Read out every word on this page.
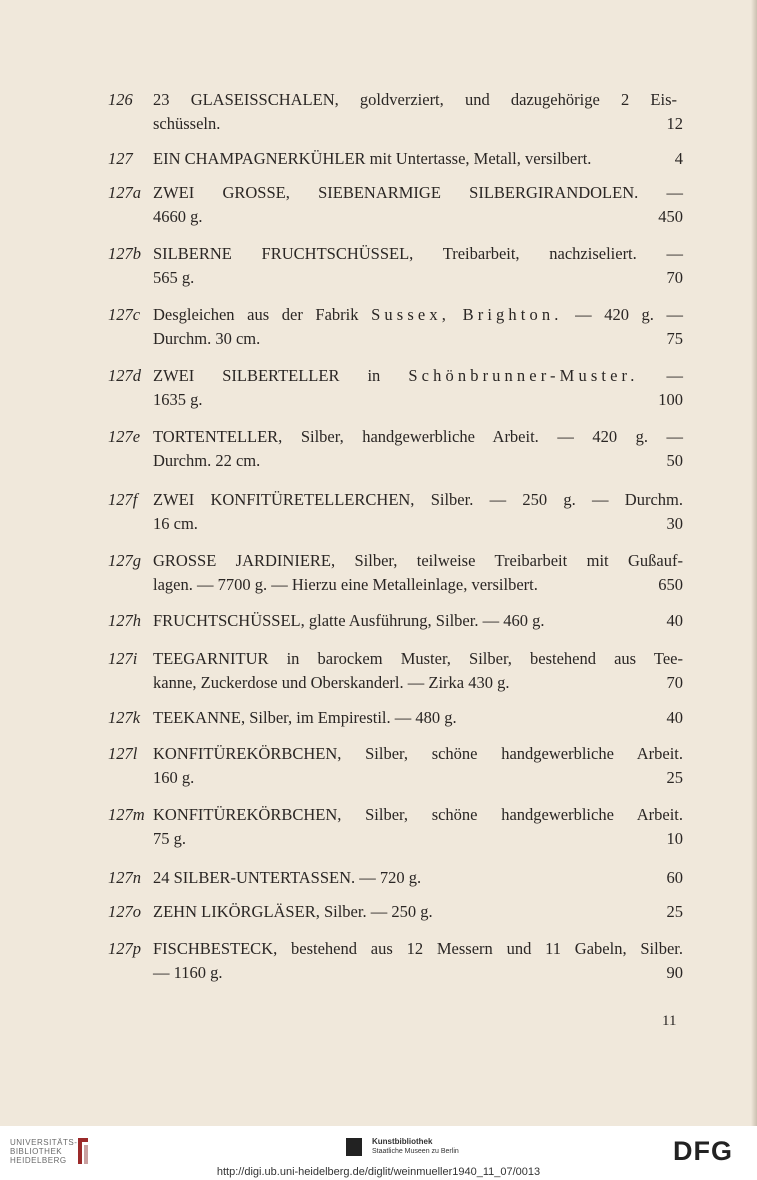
126	23 GLASEISSCHALEN, goldverziert, und dazugehörige 2 Eis-
schüsseln.	12
127	EIN CHAMPAGNERKÜHLER mit Untertasse, Metall, versilbert.	4
127a ZWEI GROSSE, SIEBENARMIGE SILBERGIRANDOLEN. —
4660 g.	450
127b SILBERNE FRUCHTSCHÜSSEL, Treibarbeit, nachziseliert. —
565 g.	70
127c Desgleichen aus der Fabrik Sussex, Brighton. — 420 g. —
Durchm. 30 cm.	75
127d ZWEI SILBERTELLER in Schönbrunner-Muster. —
1635 g.	100
127e TORTENTELLER, Silber, handgewerbliche Arbeit. — 420 g. —
Durchm. 22 cm.	50
127f ZWEI KONFITÜRETELLERCHEN, Silber. — 250 g. — Durchm.
16 cm.	30
127g GROSSE JARDINIERE, Silber, teilweise Treibarbeit mit Gußauf-
lagen. — 7700 g. — Hierzu eine Metalleinlage, versilbert.	650
127h FRUCHTSCHÜSSEL, glatte Ausführung, Silber. — 460 g.	40
127i TEEGARNITUR in barockem Muster, Silber, bestehend aus Tee-
kanne, Zuckerdose und Oberskanderl. — Zirka 430 g.	70
127k TEEKANNE, Silber, im Empirestil. — 480 g.	40
127l KONFITÜREKÖRBCHEN, Silber, schöne handgewerbliche Arbeit.
160 g.	25
127m KONFITÜREKÖRBCHEN, Silber, schöne handgewerbliche Arbeit.
75 g.	10
127n 24 SILBER-UNTERTASSEN. — 720 g.	60
127o ZEHN LIKÖRGLÄSER, Silber. — 250 g.	25
127p FISCHBESTECK, bestehend aus 12 Messern und 11 Gabeln, Silber.
— 1160 g.	90
11
UNIVERSITÄTS-
BIBLIOTHEK
HEIDELBERG
Kunstbibliothek
Staatliche Museen zu Berlin	DFG
http://digi.ub.uni-heidelberg.de/diglit/weinmueller1940_11_07/0013
